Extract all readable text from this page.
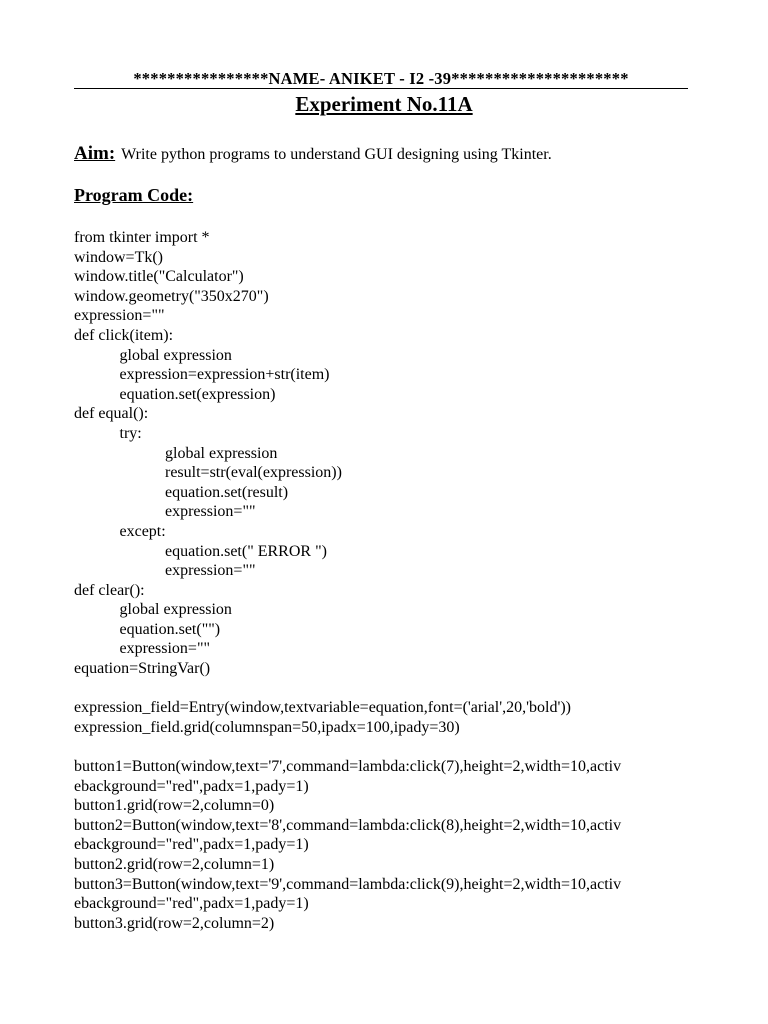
****************NAME- ANIKET - I2 -39*********************
Experiment No.11A
Aim: Write python programs to understand GUI designing using Tkinter.
Program Code:
from tkinter import *
window=Tk()
window.title("Calculator")
window.geometry("350x270")
expression=""
def click(item):
global expression
expression=expression+str(item)
equation.set(expression)
def equal():
try:
global expression
result=str(eval(expression))
equation.set(result)
expression=""
except:
equation.set(" ERROR ")
expression=""
def clear():
global expression
equation.set("")
expression=""
equation=StringVar()
expression_field=Entry(window,textvariable=equation,font=('arial',20,'bold'))
expression_field.grid(columnspan=50,ipadx=100,ipady=30)
button1=Button(window,text='7',command=lambda:click(7),height=2,width=10,activ
ebackground="red",padx=1,pady=1)
button1.grid(row=2,column=0)
button2=Button(window,text='8',command=lambda:click(8),height=2,width=10,activ
ebackground="red",padx=1,pady=1)
button2.grid(row=2,column=1)
button3=Button(window,text='9',command=lambda:click(9),height=2,width=10,activ
ebackground="red",padx=1,pady=1)
button3.grid(row=2,column=2)
